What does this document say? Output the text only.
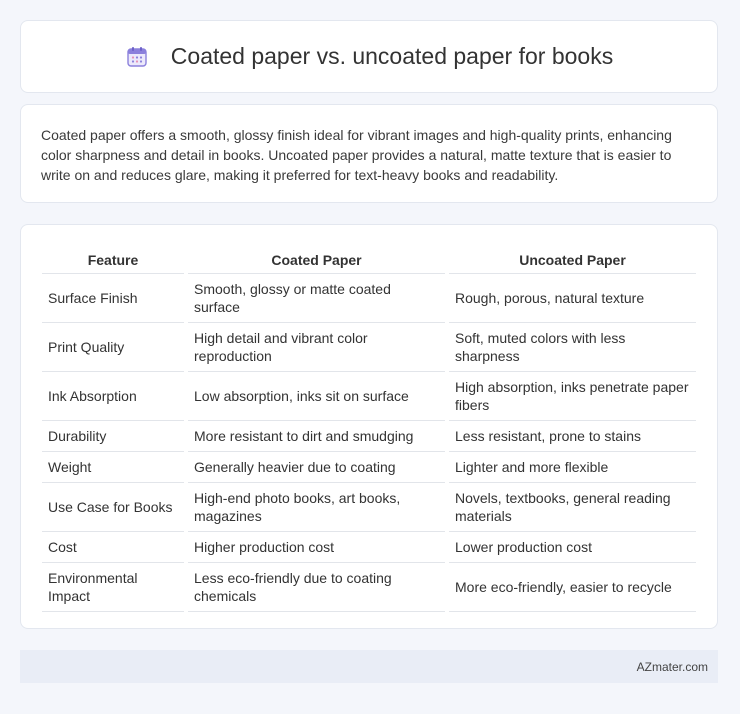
Coated paper vs. uncoated paper for books

Coated paper offers a smooth, glossy finish ideal for vibrant images and high-quality prints, enhancing color sharpness and detail in books. Uncoated paper provides a natural, matte texture that is easier to write on and reduces glare, making it preferred for text-heavy books and readability.

Feature	Coated Paper	Uncoated Paper
Surface Finish	Smooth, glossy or matte coated surface	Rough, porous, natural texture
Print Quality	High detail and vibrant color reproduction	Soft, muted colors with less sharpness
Ink Absorption	Low absorption, inks sit on surface	High absorption, inks penetrate paper fibers
Durability	More resistant to dirt and smudging	Less resistant, prone to stains
Weight	Generally heavier due to coating	Lighter and more flexible
Use Case for Books	High-end photo books, art books, magazines	Novels, textbooks, general reading materials
Cost	Higher production cost	Lower production cost
Environmental Impact	Less eco-friendly due to coating chemicals	More eco-friendly, easier to recycle
AZmater.com
